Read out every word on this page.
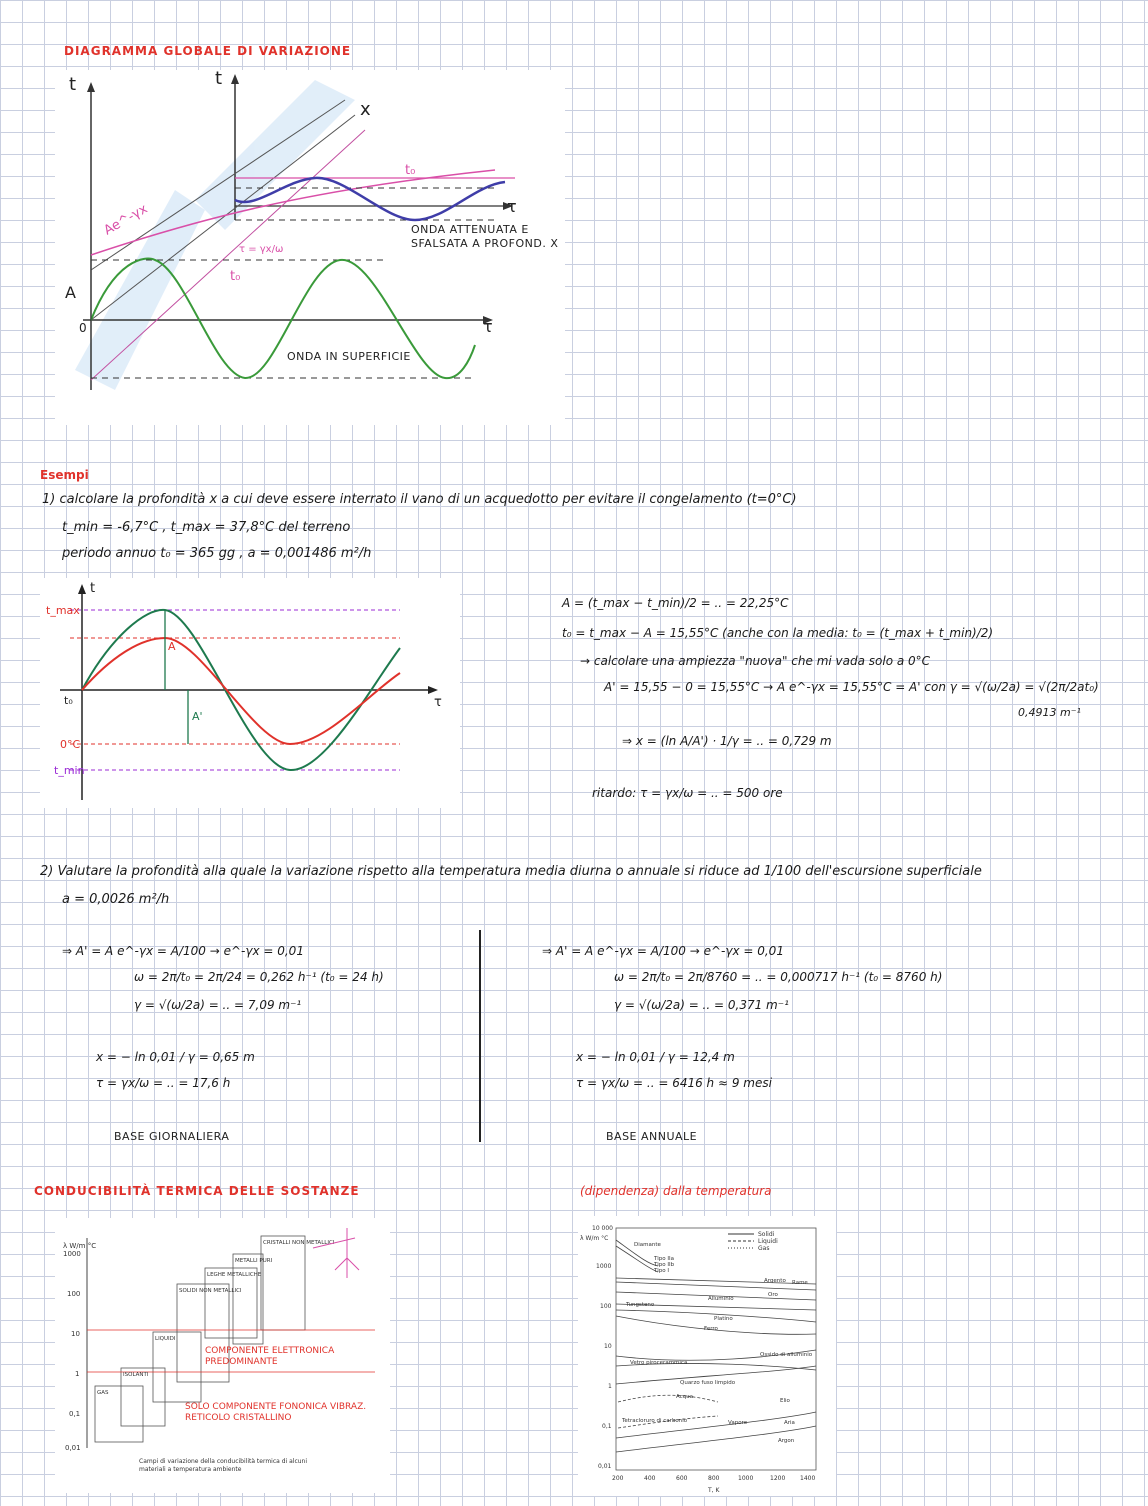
DIAGRAMMA GLOBALE DI VARIAZIONE
t	t
x
τ
τ
A
0
Ae^-γx
t₀
t₀
τ = γx/ω
ONDA ATTENUATA E SFALSATA A PROFOND. X
ONDA IN SUPERFICIE
Esempi
1) calcolare la profondità x a cui deve essere interrato il vano di un acquedotto per evitare il congelamento (t=0°C)
t_min = -6,7°C , t_max = 37,8°C del terreno
periodo annuo t₀ = 365 gg , a = 0,001486 m²/h
t_max
t₀
0°C
t_min
A
A'
t
τ
A = (t_max − t_min)/2 = .. = 22,25°C
t₀ = t_max − A = 15,55°C (anche con la media: t₀ = (t_max + t_min)/2)
→ calcolare una ampiezza "nuova" che mi vada solo a 0°C
A' = 15,55 − 0 = 15,55°C → A e^-γx = 15,55°C = A' con γ = √(ω/2a) = √(2π/2at₀)
0,4913 m⁻¹
⇒ x = (ln A/A') · 1/γ = .. = 0,729 m
ritardo: τ = γx/ω = .. = 500 ore
2) Valutare la profondità alla quale la variazione rispetto alla temperatura media diurna o annuale si riduce ad 1/100 dell'escursione superficiale
a = 0,0026 m²/h
⇒ A' = A e^-γx = A/100 → e^-γx = 0,01
ω = 2π/t₀ = 2π/24 = 0,262 h⁻¹ (t₀ = 24 h)
γ = √(ω/2a) = .. = 7,09 m⁻¹
x = − ln 0,01 / γ = 0,65 m
τ = γx/ω = .. = 17,6 h
BASE GIORNALIERA
⇒ A' = A e^-γx = A/100 → e^-γx = 0,01
ω = 2π/t₀ = 2π/8760 = .. = 0,000717 h⁻¹ (t₀ = 8760 h)
γ = √(ω/2a) = .. = 0,371 m⁻¹
x = − ln 0,01 / γ = 12,4 m
τ = γx/ω = .. = 6416 h ≈ 9 mesi
BASE ANNUALE
CONDUCIBILITÀ TERMICA DELLE SOSTANZE	(dipendenza) dalla temperatura
λ W/m °C
1000
100
10
1
0,1
0,01
GAS
ISOLANTI
LIQUIDI
SOLIDI NON METALLICI
LEGHE METALLICHE
METALLI PURI
CRISTALLI NON METALLICI
COMPONENTE ELETTRONICA PREDOMINANTE
SOLO COMPONENTE FONONICA VIBRAZ. RETICOLO CRISTALLINO
Campi di variazione della conducibilità termica di alcuni materiali a temperatura ambiente
λ W/m °C
10 000
1000
100
10
1
0,1
0,01
200	400	600	800	1000	1200 1400
T, K
Solidi
Liquidi
Gas
Diamante
Tipo IIa
Tipo IIb
Tipo I
Argento Rame
Oro
Alluminio
Tungsteno
Platino
Ferro
Ossido di alluminio
Vetro pirocerammica
Quarzo fuso limpido
Acqua
Elio
Tetracloruro di carbonio	Vapore	Aria
Argon
